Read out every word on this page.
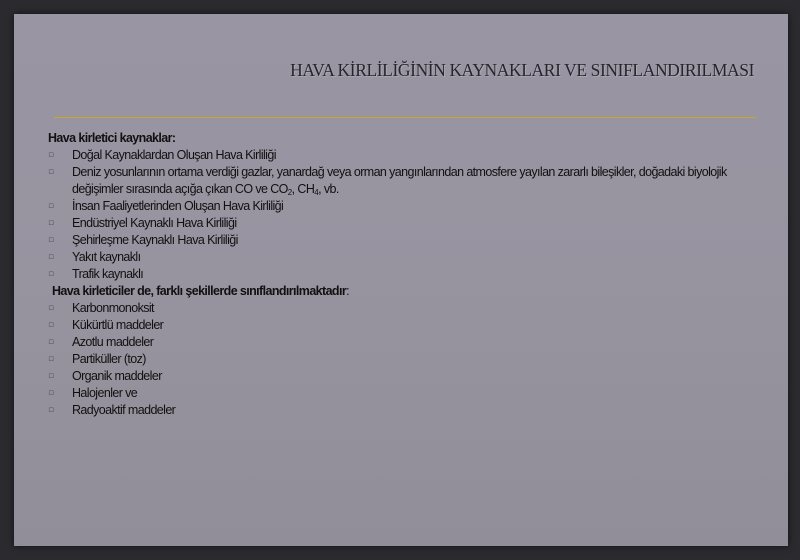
HAVA KİRLİLİĞİNİN KAYNAKLARI VE SINIFLANDIRILMASI
Hava kirletici kaynaklar:
▫ Doğal Kaynaklardan Oluşan Hava Kirliliği
▫ Deniz yosunlarının ortama verdiği gazlar, yanardağ veya orman yangınlarından atmosfere yayılan zararlı bileşikler, doğadaki biyolojik değişimler sırasında açığa çıkan CO ve $CO_2$, $CH_4$, vb.
▫ İnsan Faaliyetlerinden Oluşan Hava Kirliliği
▫ Endüstriyel Kaynaklı Hava Kirliliği
▫ Şehirleşme Kaynaklı Hava Kirliliği
▫ Yakıt kaynaklı
▫ Trafik kaynaklı
Hava kirleticiler de, farklı şekillerde sınıflandırılmaktadır:
▫ Karbonmonoksit
▫ Kükürtlü maddeler
▫ Azotlu maddeler
▫ Partiküller (toz)
▫ Organik maddeler
▫ Halojenler ve
▫ Radyoaktif maddeler
